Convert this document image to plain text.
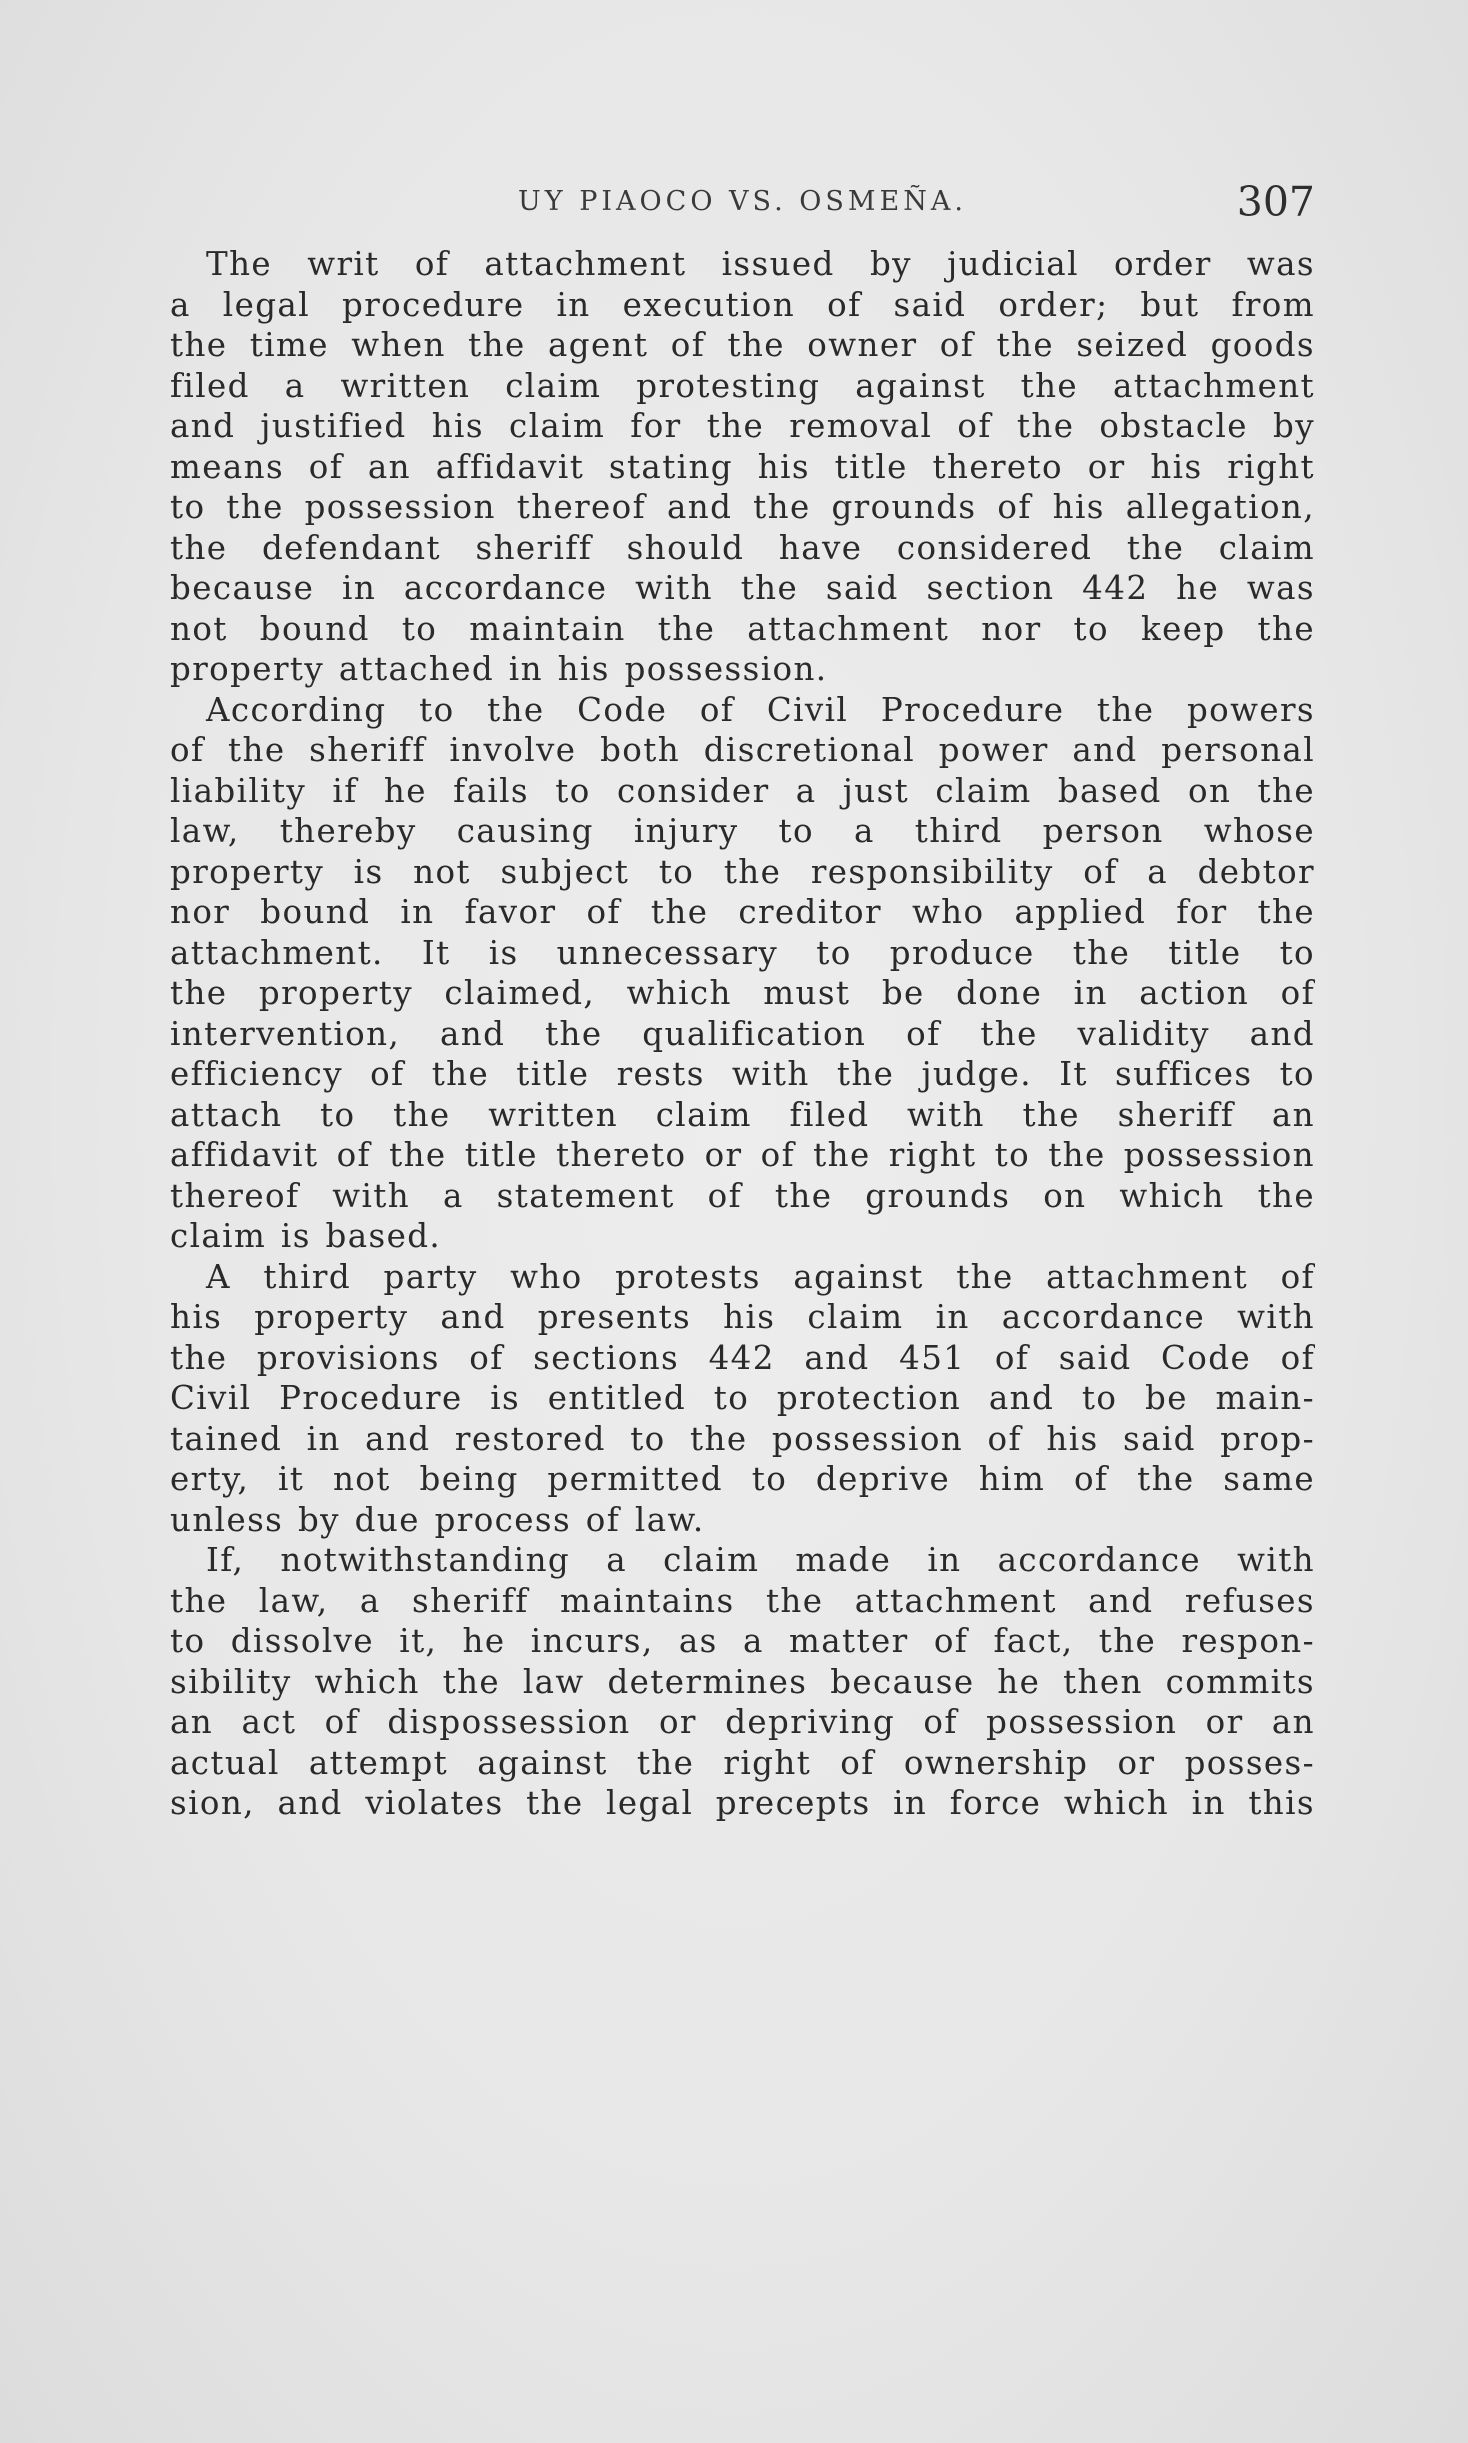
UY PIAOCO VS. OSMEÑA.	307

The writ of attachment issued by judicial order was

a legal procedure in execution of said order; but from

the time when the agent of the owner of the seized goods

filed a written claim protesting against the attachment

and justified his claim for the removal of the obstacle by

means of an affidavit stating his title thereto or his right

to the possession thereof and the grounds of his allegation,

the defendant sheriff should have considered the claim

because in accordance with the said section 442 he was

not bound to maintain the attachment nor to keep the

property attached in his possession.

According to the Code of Civil Procedure the powers

of the sheriff involve both discretional power and personal

liability if he fails to consider a just claim based on the

law, thereby causing injury to a third person whose

property is not subject to the responsibility of a debtor

nor bound in favor of the creditor who applied for the

attachment. It is unnecessary to produce the title to

the property claimed, which must be done in action of

intervention, and the qualification of the validity and

efficiency of the title rests with the judge. It suffices to

attach to the written claim filed with the sheriff an

affidavit of the title thereto or of the right to the possession

thereof with a statement of the grounds on which the

claim is based.

A third party who protests against the attachment of

his property and presents his claim in accordance with

the provisions of sections 442 and 451 of said Code of

Civil Procedure is entitled to protection and to be main-

tained in and restored to the possession of his said prop-

erty, it not being permitted to deprive him of the same

unless by due process of law.

If, notwithstanding a claim made in accordance with

the law, a sheriff maintains the attachment and refuses

to dissolve it, he incurs, as a matter of fact, the respon-

sibility which the law determines because he then commits

an act of dispossession or depriving of possession or an

actual attempt against the right of ownership or posses-

sion, and violates the legal precepts in force which in this
